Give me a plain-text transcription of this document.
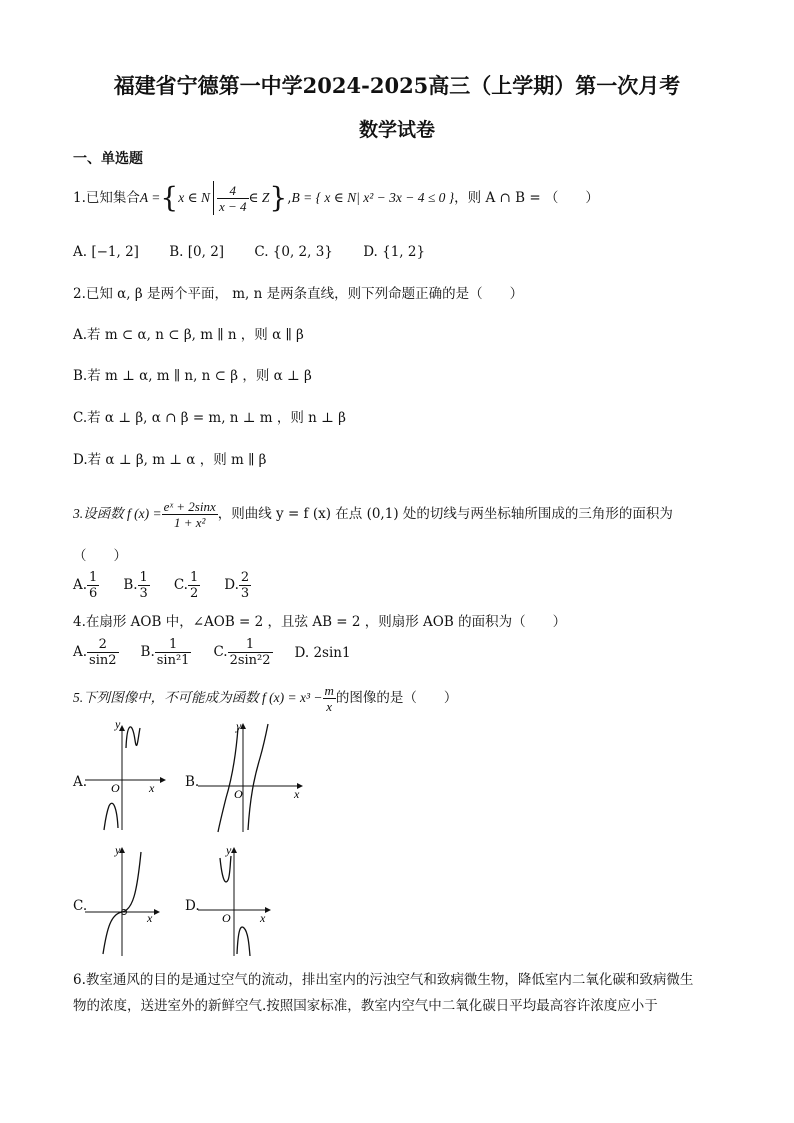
福建省宁德第一中学2024-2025高三（上学期）第一次月考
数学试卷
一、单选题
1.已知集合 A = { x ∈ N $\frac{4}{x - 4}$ ∈ Z } , B = { x ∈ N| x² − 3x − 4 ≤ 0 } ，则 A ∩ B = （　　）
A. [−1, 2] B. [0, 2] C. {0, 2, 3} D. {1, 2}
2.已知 α, β 是两个平面， m, n 是两条直线，则下列命题正确的是（　　）
A.若 m ⊂ α, n ⊂ β, m ∥ n ，则 α ∥ β
B.若 m ⊥ α, m ∥ n, n ⊂ β ，则 α ⊥ β
C.若 α ⊥ β, α ∩ β = m, n ⊥ m ，则 n ⊥ β
D.若 α ⊥ β, m ⊥ α ，则 m ∥ β
3.设函数 f $(x) = \frac{\text{eˣ + 2sinx}}{\text{1 + x²}}$ ，则曲线 y = f (x) 在点 (0,1) 处的切线与两坐标轴所围成的三角形的面积为
（　　）
A. $\frac{1}{6} B$. $\frac{1}{3} C$. $\frac{1}{2} D$. $\frac{2}{3}$
4.在扇形 AOB 中，∠AOB = 2 ，且弦 AB = 2 ，则扇形 AOB 的面积为（　　）
A. $\frac{2}{\sin 2} B$. $\frac{1}{\text{sin²1}} C$. $\frac{1}{\text{2sin²2}} D$. 2sin1
5.下列图像中，不可能成为函数 f $(x) = x^3 - \frac{m}{x}$ 的图像的是（　　）
A.
y
O x B.
y
O	x
C.
y
x
D.
y
O x
6.教室通风的目的是通过空气的流动，排出室内的污浊空气和致病微生物，降低室内二氧化碳和致病微生
物的浓度，送进室外的新鲜空气.按照国家标准，教室内空气中二氧化碳日平均最高容许浓度应小于
